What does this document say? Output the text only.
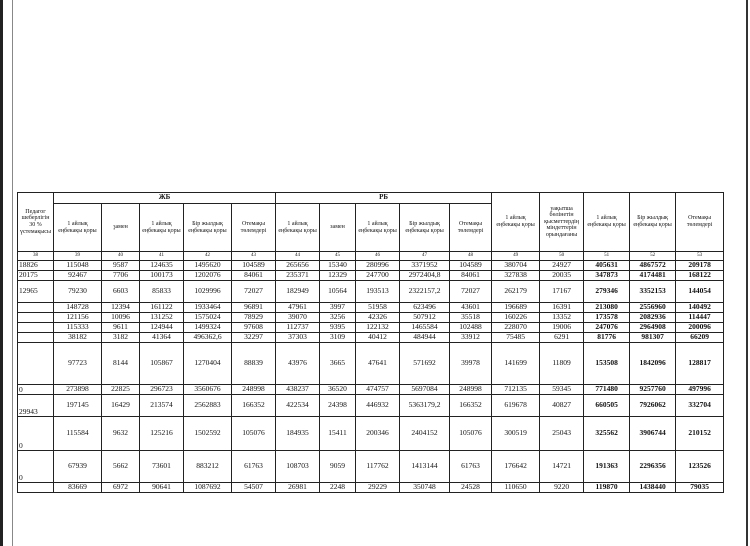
Педагог шеберлігін 30 % үстемақысы	ЖБ					РБ					1 айлық еңбекақы қоры	уақытша бөлінетін қысметтердің міндеттерін орындағаны	1 айлық еңбекақы қоры	Бір жылдық еңбекақы қоры	Отемақы төлемдері
	1 айлық еңбекақы қоры	ҙамен	1 айлық еңбекақы қоры	Бір жылдық еңбекақы қоры	Отемақы төлемдері	1 айлық еңбекақы қоры	замен	1 айлық еңбекақы қоры	Бір жылдық еңбекақы қоры	Отемақы төлемдері					
38	39	40	41	42	43	44	45	46	47	48	49	50	51	52	53
18826	115048	9587	124635	1495620	104589	265656	15340	280996	3371952	104589	380704	24927	405631	4867572	209178
20175	92467	7706	100173	1202076	84061	235371	12329	247700	2972404,8	84061	327838	20035	347873	4174481	168122
12965	79230	6603	85833	1029996	72027	182949	10564	193513	2322157,2	72027	262179	17167	279346	3352153	144054
	148728	12394	161122	1933464	96891	47961	3997	51958	623496	43601	196689	16391	213080	2556960	140492
	121156	10096	131252	1575024	78929	39070	3256	42326	507912	35518	160226	13352	173578	2082936	114447
	115333	9611	124944	1499324	97608	112737	9395	122132	1465584	102488	228070	19006	247076	2964908	200096
	38182	3182	41364	496362,6	32297	37303	3109	40412	484944	33912	75485	6291	81776	981307	66209
	97723	8144	105867	1270404	88839	43976	3665	47641	571692	39978	141699	11809	153508	1842096	128817
0	273898	22825	296723	3560676	248998	438237	36520	474757	5697084	248998	712135	59345	771480	9257760	497996
29943	197145	16429	213574	2562883	166352	422534	24398	446932	5363179,2	166352	619678	40827	660505	7926062	332704
0	115584	9632	125216	1502592	105076	184935	15411	200346	2404152	105076	300519	25043	325562	3906744	210152
0	67939	5662	73601	883212	61763	108703	9059	117762	1413144	61763	176642	14721	191363	2296356	123526
	83669	6972	90641	1087692	54507	26981	2248	29229	350748	24528	110650	9220	119870	1438440	79035
